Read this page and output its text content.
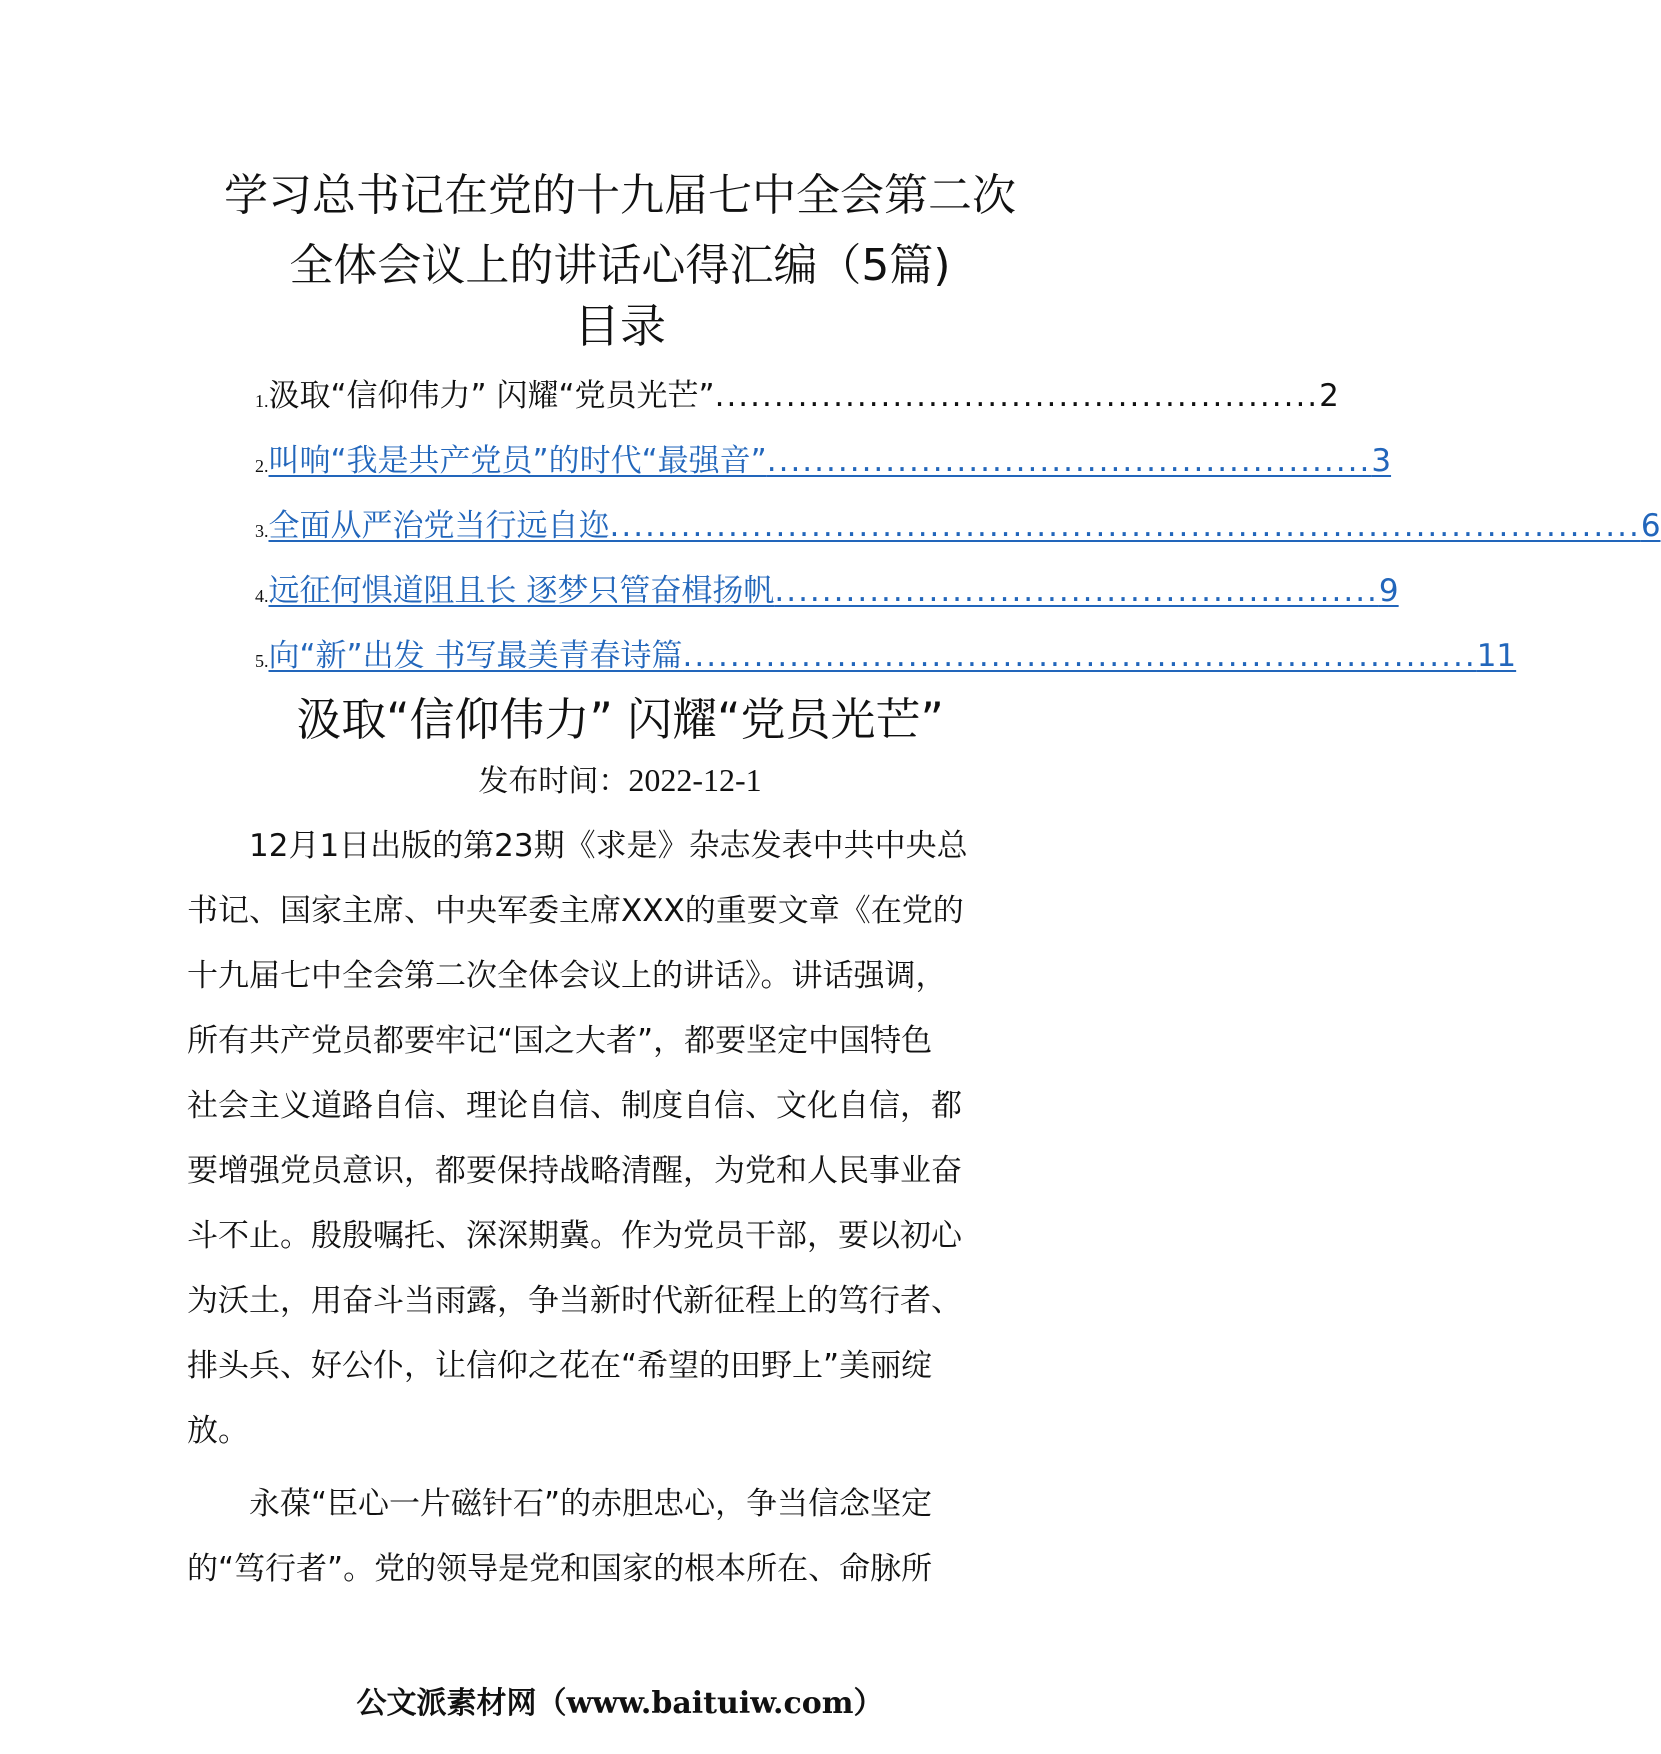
学习总书记在党的十九届七中全会第二次
全体会议上的讲话心得汇编（5篇)
目录
1. 汲取“信仰伟力” 闪耀“党员光芒” ................................................... 2
2. 叫响“我是共产党员”的时代“最强音” ................................................... 3
3. 全面从严治党当行远自迩 ....................................................................................... 6
4. 远征何惧道阻且长 逐梦只管奋楫扬帆 ................................................... 9
5. 向“新”出发 书写最美青春诗篇 ................................................................... 11
汲取“信仰伟力” 闪耀“党员光芒”
发布时间：2022-12-1
　　12月1日出版的第23期《求是》杂志发表中共中央总
书记、国家主席、中央军委主席XXX的重要文章《在党的
十九届七中全会第二次全体会议上的讲话》。讲话强调，
所有共产党员都要牢记“国之大者”，都要坚定中国特色
社会主义道路自信、理论自信、制度自信、文化自信，都
要增强党员意识，都要保持战略清醒，为党和人民事业奋
斗不止。殷殷嘱托、深深期冀。作为党员干部，要以初心
为沃土，用奋斗当雨露，争当新时代新征程上的笃行者、
排头兵、好公仆，让信仰之花在“希望的田野上”美丽绽
放。
　　永葆“臣心一片磁针石”的赤胆忠心，争当信念坚定
的“笃行者”。党的领导是党和国家的根本所在、命脉所
公文派素材网（www.baituiw.com）
